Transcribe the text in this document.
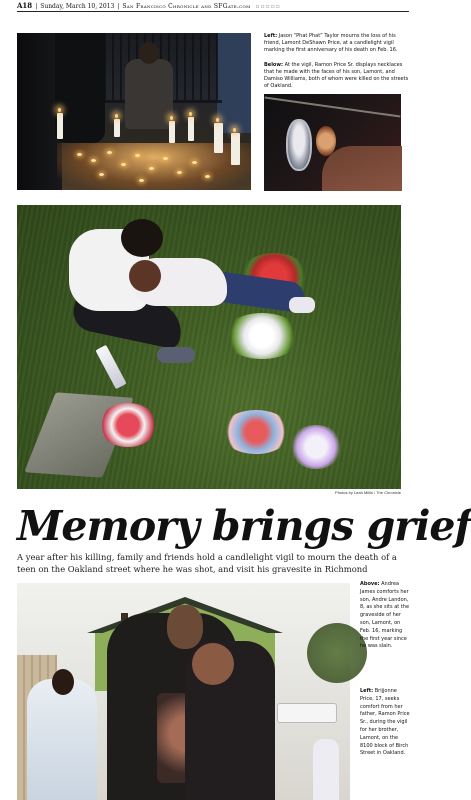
A18 | Sunday, March 10, 2013 | San Francisco Chronicle and SFGate.com ▫▫▫▫▫
Left: Jason “Phat Phat” Taylor mourns the loss of his friend, Lamont DeShawn Price, at a candlelight vigil marking the first anniversary of his death on Feb. 16.
Below: At the vigil, Ramon Price Sr. displays necklaces that he made with the faces of his son, Lamont, and Damiso Williams, both of whom were killed on the streets of Oakland.
Photos by Leah Millis / The Chronicle
Memory brings grief

A year after his killing, family and friends hold a candlelight vigil to mourn the death of a teen on the Oakland street where he was shot, and visit his gravesite in Richmond

Above: Andrea James comforts her son, Andre Landon, 8, as she sits at the graveside of her son, Lamont, on Feb. 16, marking the first year since he was slain.
Left: Brijjonne Price, 17, seeks comfort from her father, Ramon Price Sr., during the vigil for her brother, Lamont, on the 8100 block of Birch Street in Oakland.
